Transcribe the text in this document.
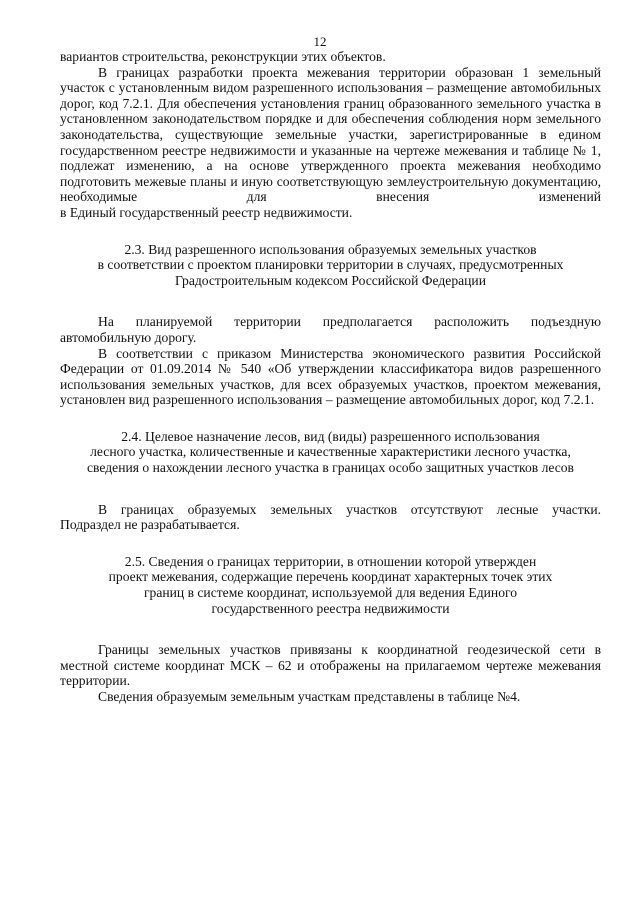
12

вариантов строительства, реконструкции этих объектов.

В границах разработки проекта межевания территории образован 1 земельный участок с установленным видом разрешенного использования – размещение автомобильных дорог, код 7.2.1. Для обеспечения установления границ образованного земельного участка в установленном законодательством порядке и для обеспечения соблюдения норм земельного законодательства, существующие земельные участки, зарегистрированные в едином государственном реестре недвижимости и указанные на чертеже межевания и таблице № 1, подлежат изменению, а на основе утвержденного проекта межевания необходимо подготовить межевые планы и иную соответствующую землеустроительную документацию, необходимые для внесения изменений

в Единый государственный реестр недвижимости.

2.3. Вид разрешенного использования образуемых земельных участков

в соответствии с проектом планировки территории в случаях, предусмотренных

Градостроительным кодексом Российской Федерации

На планируемой территории предполагается расположить подъездную автомобильную дорогу.

В соответствии с приказом Министерства экономического развития Российской Федерации от 01.09.2014 № 540 «Об утверждении классификатора видов разрешенного использования земельных участков, для всех образуемых участков, проектом межевания, установлен вид разрешенного использования – размещение автомобильных дорог, код 7.2.1.

2.4. Целевое назначение лесов, вид (виды) разрешенного использования

лесного участка, количественные и качественные характеристики лесного участка,

сведения о нахождении лесного участка в границах особо защитных участков лесов

В границах образуемых земельных участков отсутствуют лесные участки.

Подраздел не разрабатывается.

2.5. Сведения о границах территории, в отношении которой утвержден

проект межевания, содержащие перечень координат характерных точек этих

границ в системе координат, используемой для ведения Единого

государственного реестра недвижимости

Границы земельных участков привязаны к координатной геодезической сети в местной системе координат МСК – 62 и отображены на прилагаемом чертеже межевания территории.

Сведения образуемым земельным участкам представлены в таблице №4.
